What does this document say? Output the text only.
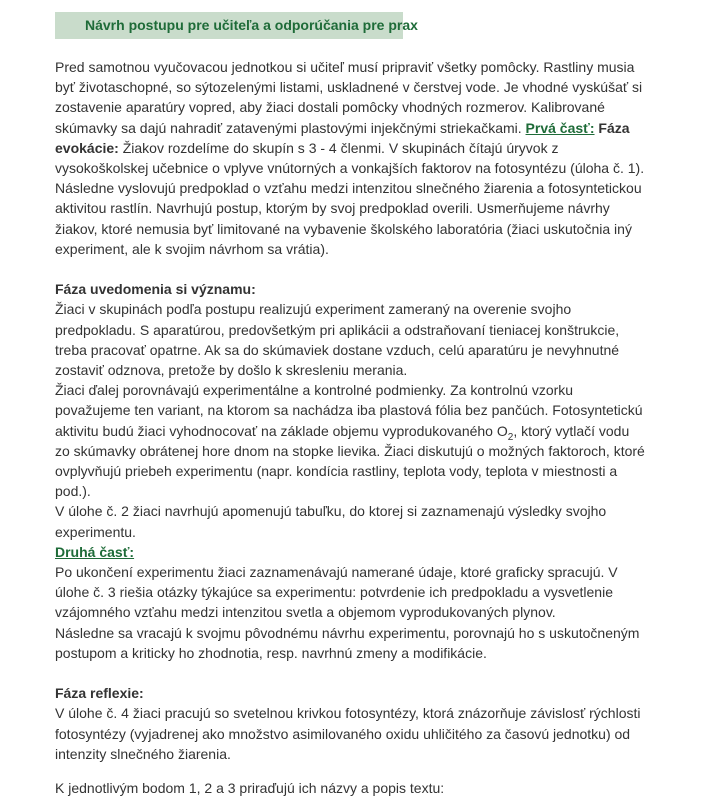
Návrh postupu pre učiteľa a odporúčania pre prax

Pred samotnou vyučovacou jednotkou si učiteľ musí pripraviť všetky pomôcky. Rastliny musia byť životaschopné, so sýtozelenými listami, uskladnené v čerstvej vode. Je vhodné vyskúšať si zostavenie aparatúry vopred, aby žiaci dostali pomôcky vhodných rozmerov. Kalibrované skúmavky sa dajú nahradiť zatavenými plastovými injekčnými striekačkami. Prvá časť: Fáza evokácie: Žiakov rozdelíme do skupín s 3 - 4 členmi. V skupinách čítajú úryvok z vysokoškolskej učebnice o vplyve vnútorných a vonkajších faktorov na fotosyntézu (úloha č. 1). Následne vyslovujú predpoklad o vzťahu medzi intenzitou slnečného žiarenia a fotosyntetickou aktivitou rastlín. Navrhujú postup, ktorým by svoj predpoklad overili. Usmerňujeme návrhy žiakov, ktoré nemusia byť limitované na vybavenie školského laboratória (žiaci uskutočnia iný experiment, ale k svojim návrhom sa vrátia).

Fáza uvedomenia si významu:

Žiaci v skupinách podľa postupu realizujú experiment zameraný na overenie svojho predpokladu. S aparatúrou, predovšetkým pri aplikácii a odstraňovaní tieniacej konštrukcie, treba pracovať opatrne. Ak sa do skúmaviek dostane vzduch, celú aparatúru je nevyhnutné zostaviť odznova, pretože by došlo k skresleniu merania.

Žiaci ďalej porovnávajú experimentálne a kontrolné podmienky. Za kontrolnú vzorku považujeme ten variant, na ktorom sa nachádza iba plastová fólia bez pančúch. Fotosyntetickú aktivitu budú žiaci vyhodnocovať na základe objemu vyprodukovaného $O_2$, ktorý vytlačí vodu zo skúmavky obrátenej hore dnom na stopke lievika. Žiaci diskutujú o možných faktoroch, ktoré ovplyvňujú priebeh experimentu (napr. kondícia rastliny, teplota vody, teplota v miestnosti a pod.).

V úlohe č. 2 žiaci navrhujú apomenujú tabuľku, do ktorej si zaznamenajú výsledky svojho experimentu.

Druhá časť:

Po ukončení experimentu žiaci zaznamenávajú namerané údaje, ktoré graficky spracujú. V úlohe č. 3 riešia otázky týkajúce sa experimentu: potvrdenie ich predpokladu a vysvetlenie vzájomného vzťahu medzi intenzitou svetla a objemom vyprodukovaných plynov.

Následne sa vracajú k svojmu pôvodnému návrhu experimentu, porovnajú ho s uskutočneným postupom a kriticky ho zhodnotia, resp. navrhnú zmeny a modifikácie.

Fáza reflexie:

V úlohe č. 4 žiaci pracujú so svetelnou krivkou fotosyntézy, ktorá znázorňuje závislosť rýchlosti fotosyntézy (vyjadrenej ako množstvo asimilovaného oxidu uhličitého za časovú jednotku) od intenzity slnečného žiarenia.

K jednotlivým bodom 1, 2 a 3 priraďujú ich názvy a popis textu:
